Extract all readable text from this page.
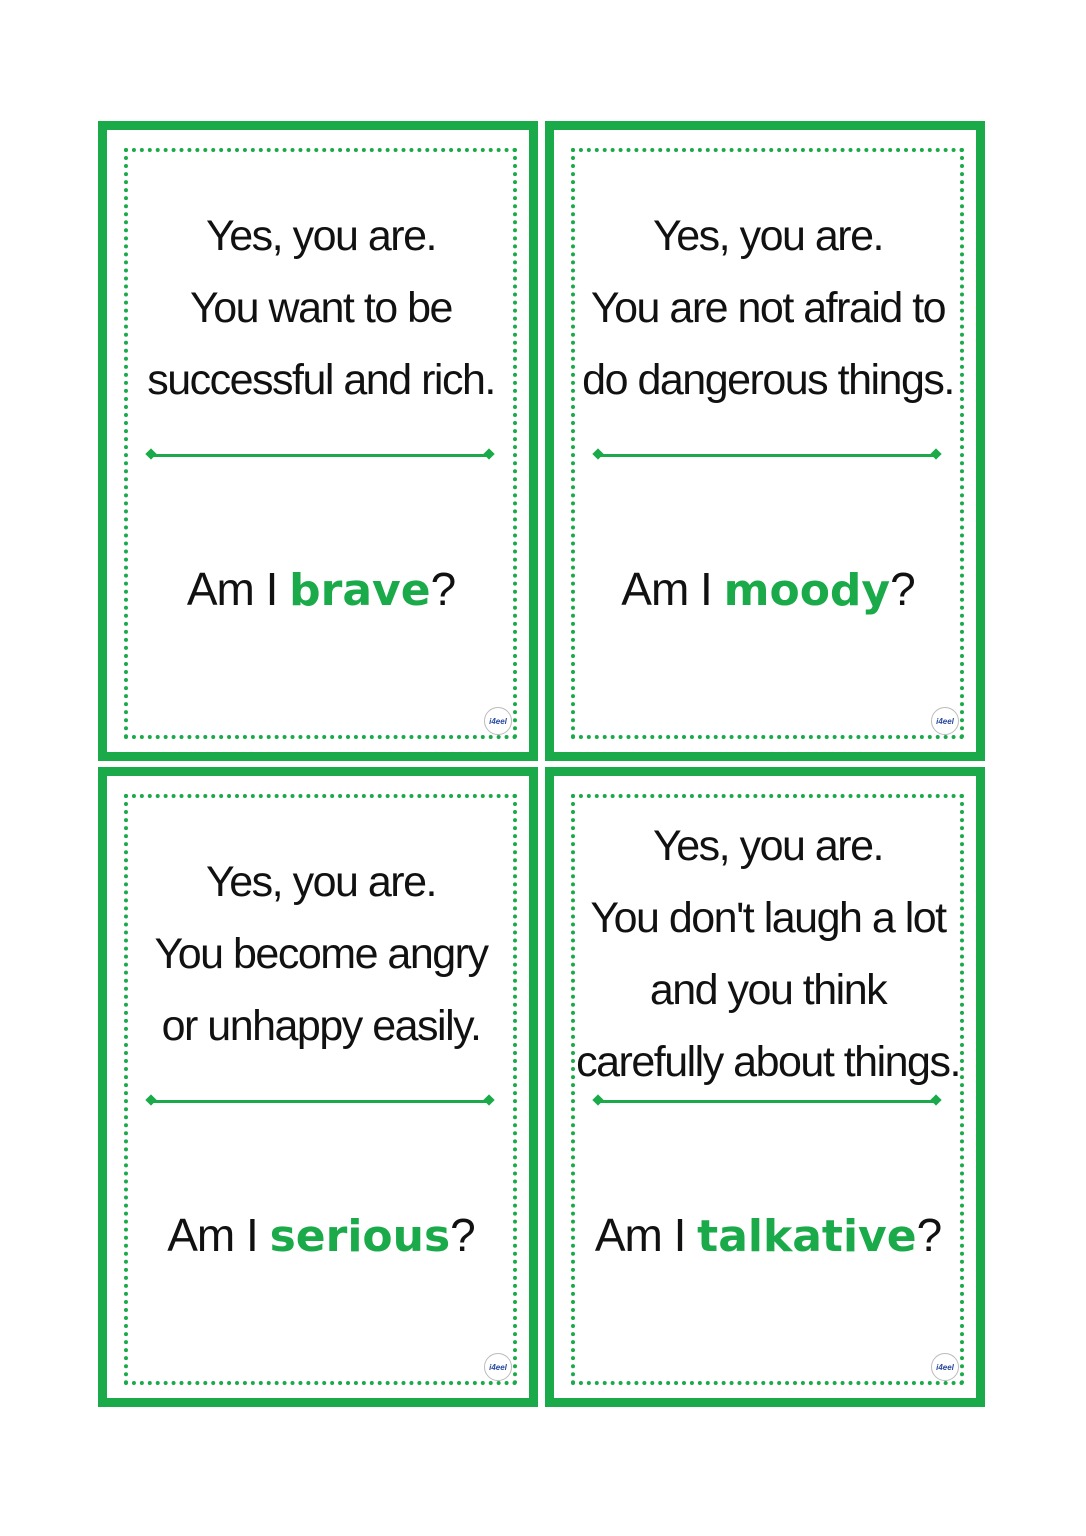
Yes, you are.
You want to be
successful and rich.
Am I brave?
i4eel
Yes, you are.
You are not afraid to
do dangerous things.
Am I moody?
i4eel
Yes, you are.
You become angry
or unhappy easily.
Am I serious?
i4eel
Yes, you are.
You don't laugh a lot
and you think
carefully about things.
Am I talkative?
i4eel
